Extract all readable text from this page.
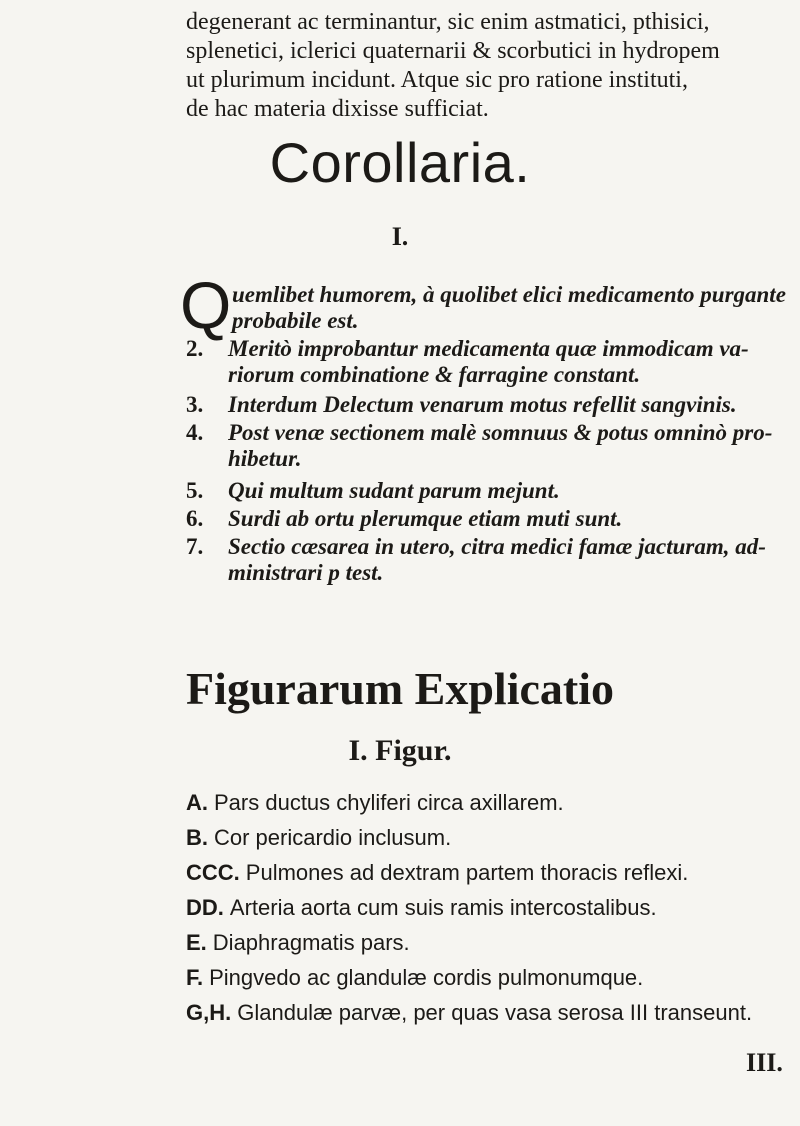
degenerant ac terminantur, sic enim astmatici, pthisici,
splenetici, iclerici quaternarii & scorbutici in hydropem
ut plurimum incidunt. Atque sic pro ratione instituti,
de hac materia dixisse sufficiat.
Corollaria.
I.
Q uemlibet humorem, à quolibet elici medicamento purgante
probabile est.
2. Meritò improbantur medicamenta quæ immodicam va-
riorum combinatione & farragine constant.
3. Interdum Delectum venarum motus refellit sangvinis.
4. Post venæ sectionem malè somnuus & potus omninò pro-
hibetur.
5. Qui multum sudant parum mejunt.
6. Surdi ab ortu plerumque etiam muti sunt.
7. Sectio cæsarea in utero, citra medici famæ jacturam, ad-
ministrari p test.
Figurarum Explicatio
I. Figur.
A. Pars ductus chyliferi circa axillarem.
B. Cor pericardio inclusum.
CCC. Pulmones ad dextram partem thoracis reflexi.
DD. Arteria aorta cum suis ramis intercostalibus.
E. Diaphragmatis pars.
F. Pingvedo ac glandulæ cordis pulmonumque.
G,H. Glandulæ parvæ, per quas vasa serosa III transeunt.
III.
